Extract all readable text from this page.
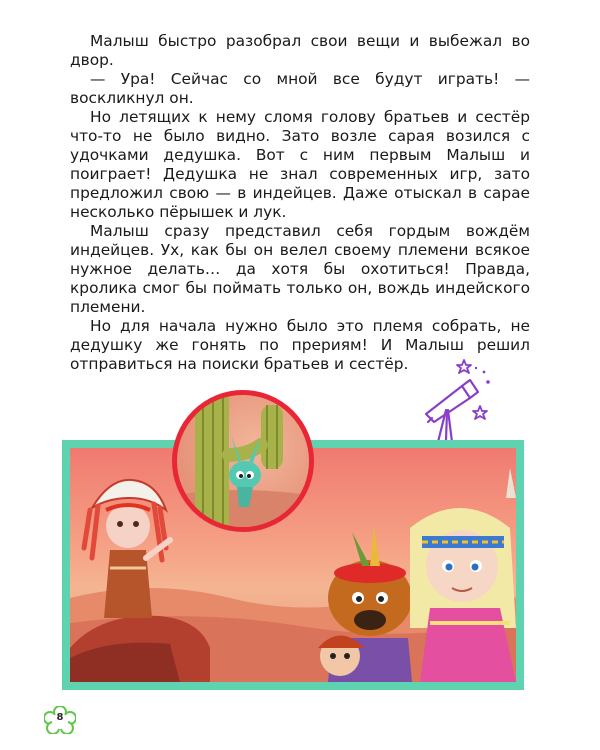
Малыш быстро разобрал свои вещи и выбежал во двор.

— Ура! Сейчас со мной все будут играть! — воскликнул он.

Но летящих к нему сломя голову братьев и сестёр что-то не было видно. Зато возле сарая возился с удочками дедушка. Вот с ним первым Малыш и поиграет! Дедушка не знал современных игр, зато предложил свою — в индейцев. Даже отыскал в сарае несколько пёрышек и лук.

Малыш сразу представил себя гордым вождём индейцев. Ух, как бы он велел своему племени всякое нужное делать… да хотя бы охотиться! Правда, кролика смог бы поймать только он, вождь индейского племени.

Но для начала нужно было это племя собрать, не дедушку же гонять по прериям! И Малыш решил отправиться на поиски братьев и сестёр.

8
